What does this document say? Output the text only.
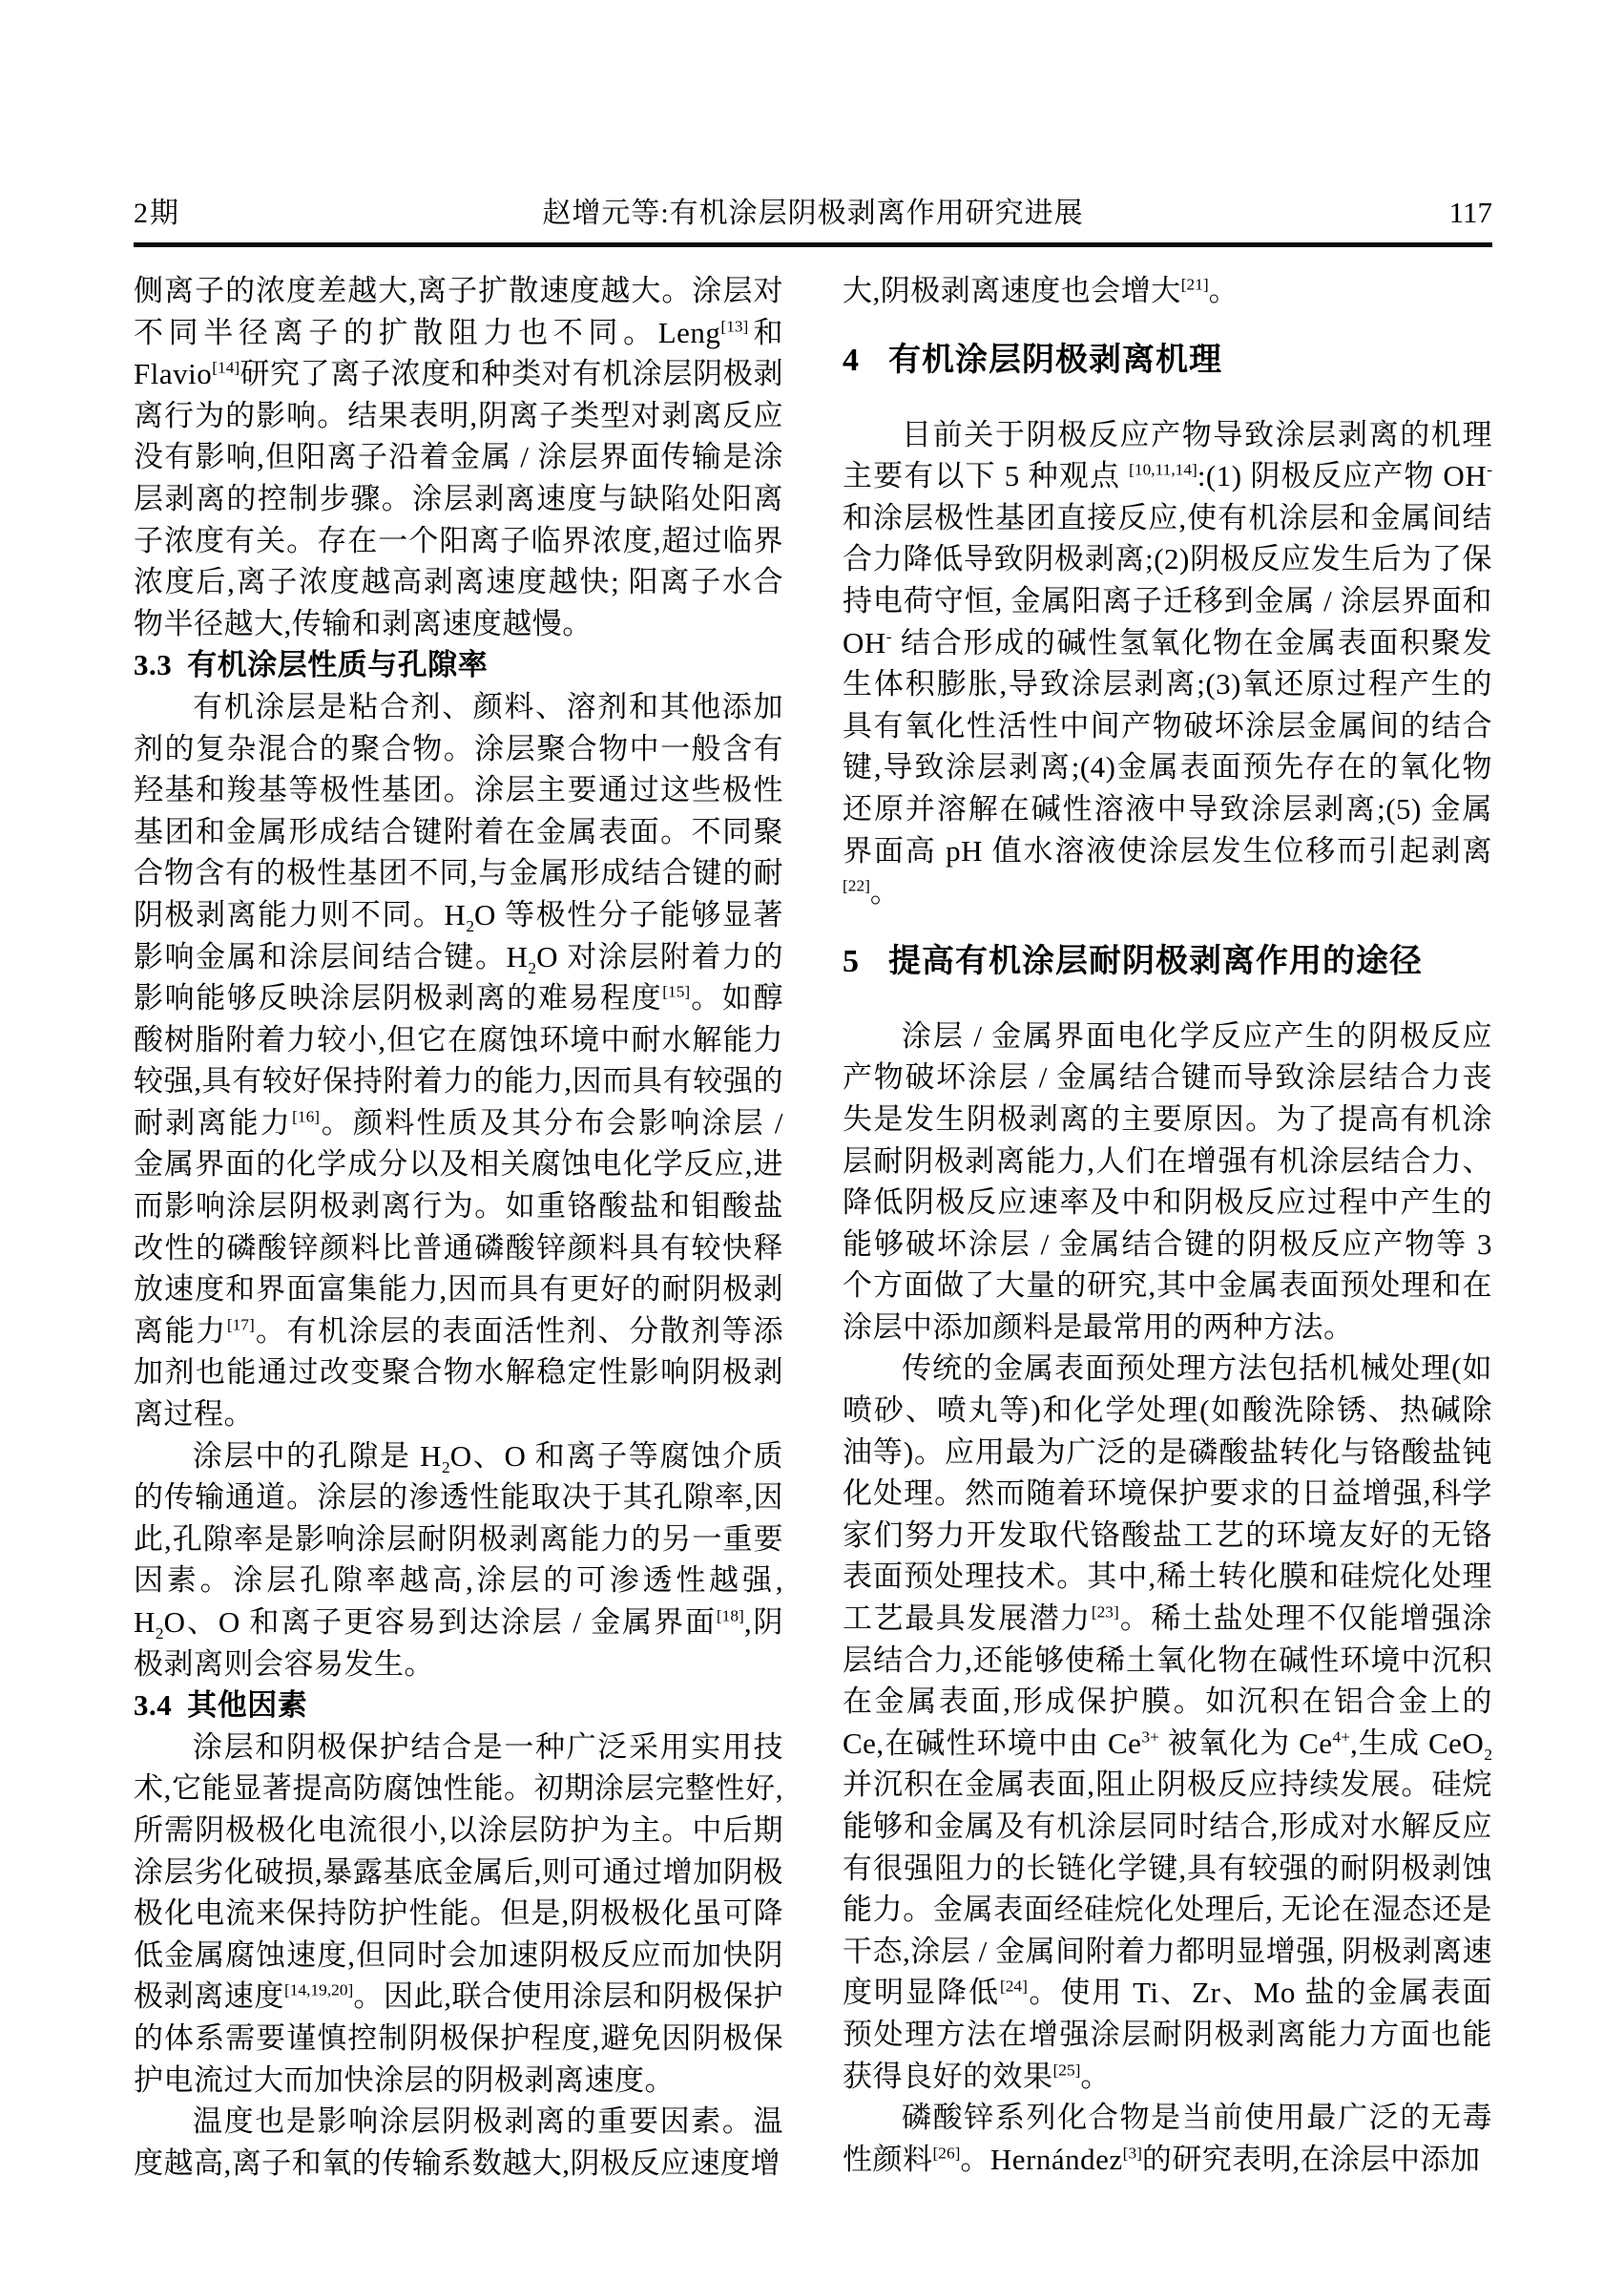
2期	赵增元等:有机涂层阴极剥离作用研究进展	117

侧离子的浓度差越大,离子扩散速度越大。涂层对不同半径离子的扩散阻力也不同。Leng[13]和 Flavio[14]研究了离子浓度和种类对有机涂层阴极剥离行为的影响。结果表明,阴离子类型对剥离反应没有影响,但阳离子沿着金属 / 涂层界面传输是涂层剥离的控制步骤。涂层剥离速度与缺陷处阳离子浓度有关。存在一个阳离子临界浓度,超过临界浓度后,离子浓度越高剥离速度越快; 阳离子水合物半径越大,传输和剥离速度越慢。

3.3 有机涂层性质与孔隙率

有机涂层是粘合剂、颜料、溶剂和其他添加剂的复杂混合的聚合物。涂层聚合物中一般含有羟基和羧基等极性基团。涂层主要通过这些极性基团和金属形成结合键附着在金属表面。不同聚合物含有的极性基团不同,与金属形成结合键的耐阴极剥离能力则不同。$H_2O$ 等极性分子能够显著影响金属和涂层间结合键。$H_2O$ 对涂层附着力的影响能够反映涂层阴极剥离的难易程度[15]。如醇酸树脂附着力较小,但它在腐蚀环境中耐水解能力较强,具有较好保持附着力的能力,因而具有较强的耐剥离能力[16]。颜料性质及其分布会影响涂层 / 金属界面的化学成分以及相关腐蚀电化学反应,进而影响涂层阴极剥离行为。如重铬酸盐和钼酸盐改性的磷酸锌颜料比普通磷酸锌颜料具有较快释放速度和界面富集能力,因而具有更好的耐阴极剥离能力[17]。有机涂层的表面活性剂、分散剂等添加剂也能通过改变聚合物水解稳定性影响阴极剥离过程。

涂层中的孔隙是 $H_2O$、O 和离子等腐蚀介质的传输通道。涂层的渗透性能取决于其孔隙率,因此,孔隙率是影响涂层耐阴极剥离能力的另一重要因素。涂层孔隙率越高,涂层的可渗透性越强, $H_2O$、O 和离子更容易到达涂层 / 金属界面[18],阴极剥离则会容易发生。

3.4 其他因素

涂层和阴极保护结合是一种广泛采用实用技术,它能显著提高防腐蚀性能。初期涂层完整性好,所需阴极极化电流很小,以涂层防护为主。中后期涂层劣化破损,暴露基底金属后,则可通过增加阴极极化电流来保持防护性能。但是,阴极极化虽可降低金属腐蚀速度,但同时会加速阴极反应而加快阴极剥离速度[14,19,20]。因此,联合使用涂层和阴极保护的体系需要谨慎控制阴极保护程度,避免因阴极保护电流过大而加快涂层的阴极剥离速度。

温度也是影响涂层阴极剥离的重要因素。温度越高,离子和氧的传输系数越大,阴极反应速度增

大,阴极剥离速度也会增大[21]。

4 有机涂层阴极剥离机理

目前关于阴极反应产物导致涂层剥离的机理主要有以下 5 种观点 [10,11,14]:(1) 阴极反应产物 OH- 和涂层极性基团直接反应,使有机涂层和金属间结合力降低导致阴极剥离;(2)阴极反应发生后为了保持电荷守恒, 金属阳离子迁移到金属 / 涂层界面和 OH- 结合形成的碱性氢氧化物在金属表面积聚发生体积膨胀,导致涂层剥离;(3)氧还原过程产生的具有氧化性活性中间产物破坏涂层金属间的结合键,导致涂层剥离;(4)金属表面预先存在的氧化物还原并溶解在碱性溶液中导致涂层剥离;(5) 金属界面高 pH 值水溶液使涂层发生位移而引起剥离[22]。

5 提高有机涂层耐阴极剥离作用的途径

涂层 / 金属界面电化学反应产生的阴极反应产物破坏涂层 / 金属结合键而导致涂层结合力丧失是发生阴极剥离的主要原因。为了提高有机涂层耐阴极剥离能力,人们在增强有机涂层结合力、降低阴极反应速率及中和阴极反应过程中产生的能够破坏涂层 / 金属结合键的阴极反应产物等 3 个方面做了大量的研究,其中金属表面预处理和在涂层中添加颜料是最常用的两种方法。

传统的金属表面预处理方法包括机械处理(如喷砂、喷丸等)和化学处理(如酸洗除锈、热碱除油等)。应用最为广泛的是磷酸盐转化与铬酸盐钝化处理。然而随着环境保护要求的日益增强,科学家们努力开发取代铬酸盐工艺的环境友好的无铬表面预处理技术。其中,稀土转化膜和硅烷化处理工艺最具发展潜力[23]。稀土盐处理不仅能增强涂层结合力,还能够使稀土氧化物在碱性环境中沉积在金属表面,形成保护膜。如沉积在铝合金上的 Ce,在碱性环境中由 $Ce^{3+}$ 被氧化为 $Ce^{4+}$,生成 CeO$_2$ 并沉积在金属表面,阻止阴极反应持续发展。硅烷能够和金属及有机涂层同时结合,形成对水解反应有很强阻力的长链化学键,具有较强的耐阴极剥蚀能力。金属表面经硅烷化处理后, 无论在湿态还是干态,涂层 / 金属间附着力都明显增强, 阴极剥离速度明显降低[24]。使用 Ti、Zr、Mo 盐的金属表面预处理方法在增强涂层耐阴极剥离能力方面也能获得良好的效果[25]。

磷酸锌系列化合物是当前使用最广泛的无毒性颜料[26]。Hernández[3]的研究表明,在涂层中添加
